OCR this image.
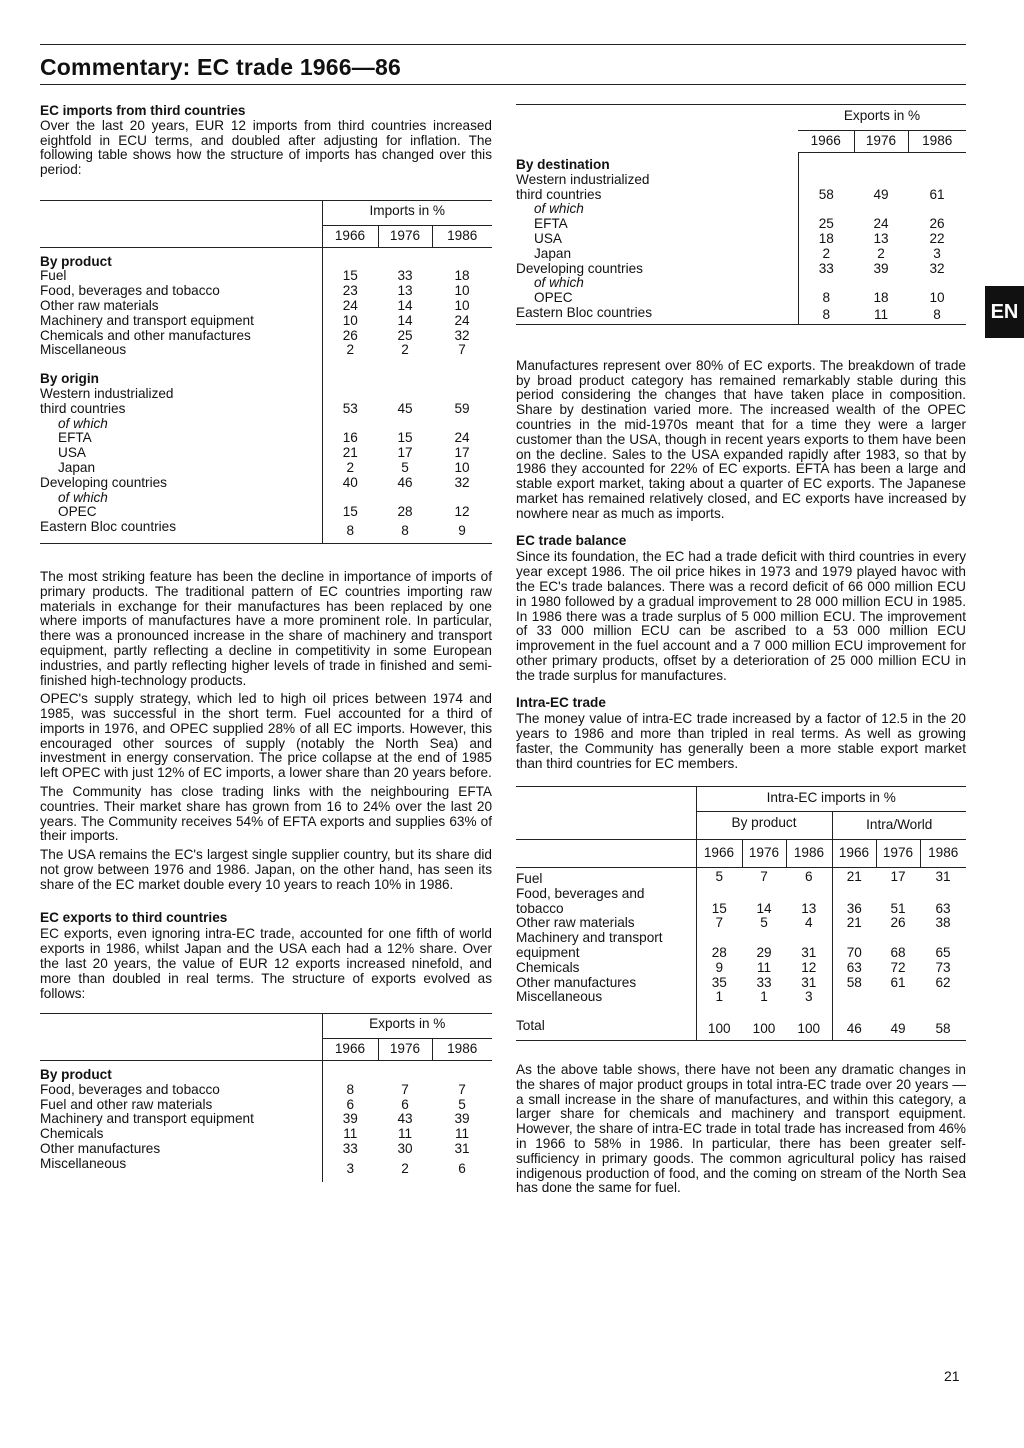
Commentary: EC trade 1966—86

EC imports from third countries

Over the last 20 years, EUR 12 imports from third countries increased eightfold in ECU terms, and doubled after adjusting for inflation. The following table shows how the structure of imports has changed over this period:

	Imports in %		
	1966	1976	1986
By product			
Fuel	15	33	18
Food, beverages and tobacco	23	13	10
Other raw materials	24	14	10
Machinery and transport equipment	10	14	24
Chemicals and other manufactures	26	25	32
Miscellaneous	2	2	7
By origin			
Western industrialized			
third countries	53	45	59
of which			
EFTA	16	15	24
USA	21	17	17
Japan	2	5	10
Developing countries	40	46	32
of which			
OPEC	15	28	12
Eastern Bloc countries	8	8	9

The most striking feature has been the decline in importance of imports of primary products. The traditional pattern of EC countries importing raw materials in exchange for their manufactures has been replaced by one where imports of manufactures have a more prominent role. In particular, there was a pronounced increase in the share of machinery and transport equipment, partly reflecting a decline in competitivity in some European industries, and partly reflecting higher levels of trade in finished and semi-finished high-technology products.

OPEC's supply strategy, which led to high oil prices between 1974 and 1985, was successful in the short term. Fuel accounted for a third of imports in 1976, and OPEC supplied 28% of all EC imports. However, this encouraged other sources of supply (notably the North Sea) and investment in energy conservation. The price collapse at the end of 1985 left OPEC with just 12% of EC imports, a lower share than 20 years before.

The Community has close trading links with the neighbouring EFTA countries. Their market share has grown from 16 to 24% over the last 20 years. The Community receives 54% of EFTA exports and supplies 63% of their imports.

The USA remains the EC's largest single supplier country, but its share did not grow between 1976 and 1986. Japan, on the other hand, has seen its share of the EC market double every 10 years to reach 10% in 1986.

EC exports to third countries

EC exports, even ignoring intra-EC trade, accounted for one fifth of world exports in 1986, whilst Japan and the USA each had a 12% share. Over the last 20 years, the value of EUR 12 exports increased ninefold, and more than doubled in real terms. The structure of exports evolved as follows:

	Exports in %		
	1966	1976	1986
By product			
Food, beverages and tobacco	8	7	7
Fuel and other raw materials	6	6	5
Machinery and transport equipment	39	43	39
Chemicals	11	11	11
Other manufactures	33	30	31
Miscellaneous	3	2	6
	Exports in %		
	1966	1976	1986
By destination			
Western industrialized			
third countries	58	49	61
of which			
EFTA	25	24	26
USA	18	13	22
Japan	2	2	3
Developing countries	33	39	32
of which			
OPEC	8	18	10
Eastern Bloc countries	8	11	8

Manufactures represent over 80% of EC exports. The breakdown of trade by broad product category has remained remarkably stable during this period considering the changes that have taken place in composition. Share by destination varied more. The increased wealth of the OPEC countries in the mid-1970s meant that for a time they were a larger customer than the USA, though in recent years exports to them have been on the decline. Sales to the USA expanded rapidly after 1983, so that by 1986 they accounted for 22% of EC exports. EFTA has been a large and stable export market, taking about a quarter of EC exports. The Japanese market has remained relatively closed, and EC exports have increased by nowhere near as much as imports.

EC trade balance

Since its foundation, the EC had a trade deficit with third countries in every year except 1986. The oil price hikes in 1973 and 1979 played havoc with the EC's trade balances. There was a record deficit of 66 000 million ECU in 1980 followed by a gradual improvement to 28 000 million ECU in 1985. In 1986 there was a trade surplus of 5 000 million ECU. The improvement of 33 000 million ECU can be ascribed to a 53 000 million ECU improvement in the fuel account and a 7 000 million ECU improvement for other primary products, offset by a deterioration of 25 000 million ECU in the trade surplus for manufactures.

Intra-EC trade

The money value of intra-EC trade increased by a factor of 12.5 in the 20 years to 1986 and more than tripled in real terms. As well as growing faster, the Community has generally been a more stable export market than third countries for EC members.

	Intra-EC imports in %					
	By product			Intra/World		
	1966	1976	1986	1966	1976	1986
Fuel	5	7	6	21	17	31
Food, beverages and						
tobacco	15	14	13	36	51	63
Other raw materials	7	5	4	21	26	38
Machinery and transport						
equipment	28	29	31	70	68	65
Chemicals	9	11	12	63	72	73
Other manufactures	35	33	31	58	61	62
Miscellaneous	1	1	3			
Total	100	100	100	46	49	58

As the above table shows, there have not been any dramatic changes in the shares of major product groups in total intra-EC trade over 20 years — a small increase in the share of manufactures, and within this category, a larger share for chemicals and machinery and transport equipment. However, the share of intra-EC trade in total trade has increased from 46% in 1966 to 58% in 1986. In particular, there has been greater self-sufficiency in primary goods. The common agricultural policy has raised indigenous production of food, and the coming on stream of the North Sea has done the same for fuel.

EN
21
